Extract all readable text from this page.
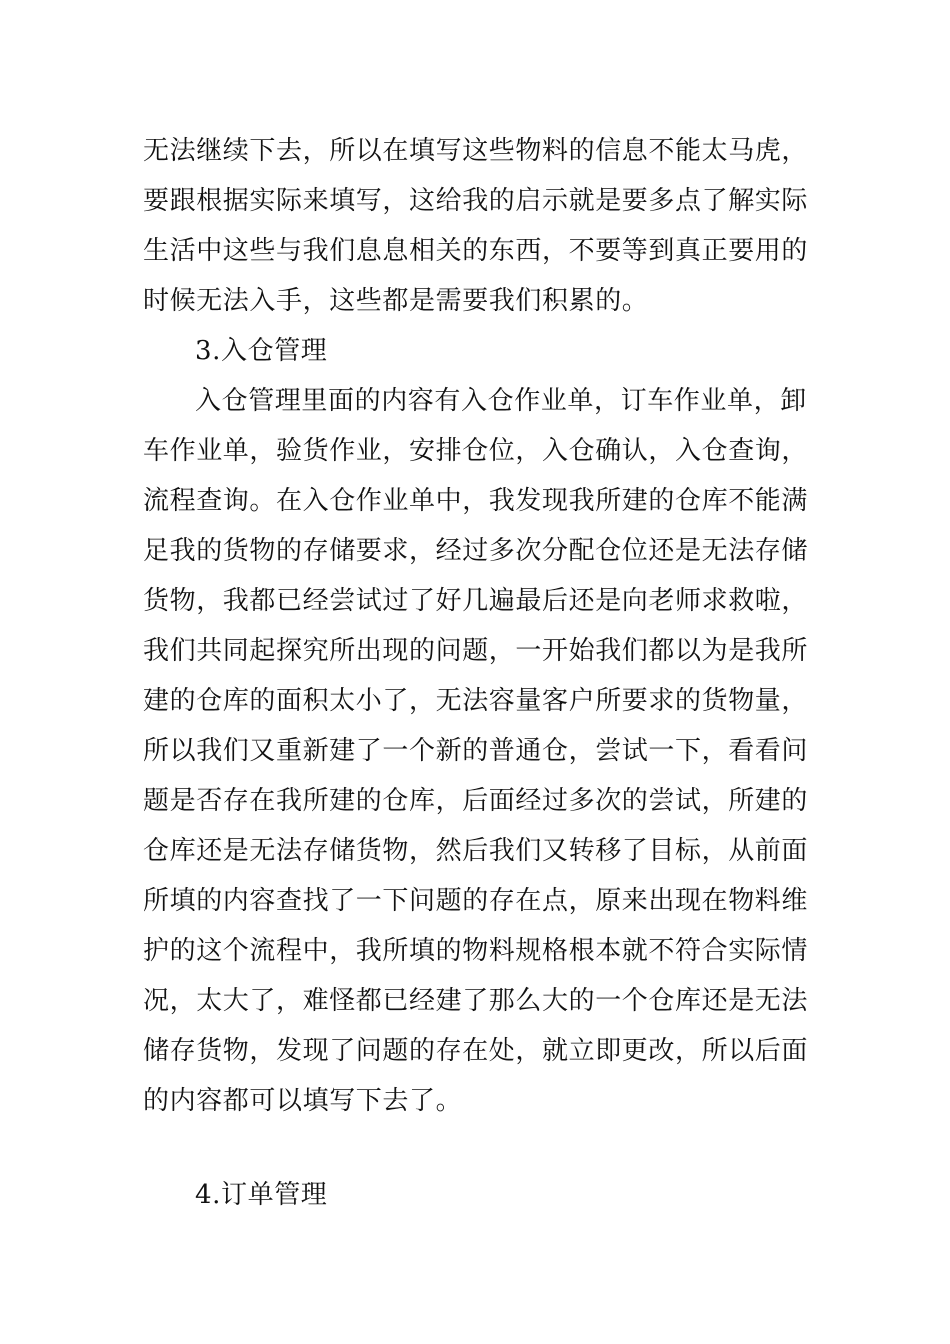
无法继续下去，所以在填写这些物料的信息不能太马虎，
要跟根据实际来填写，这给我的启示就是要多点了解实际
生活中这些与我们息息相关的东西，不要等到真正要用的
时候无法入手，这些都是需要我们积累的。
3.入仓管理
入仓管理里面的内容有入仓作业单，订车作业单，卸
车作业单，验货作业，安排仓位，入仓确认，入仓查询，
流程查询。在入仓作业单中，我发现我所建的仓库不能满
足我的货物的存储要求，经过多次分配仓位还是无法存储
货物，我都已经尝试过了好几遍最后还是向老师求救啦，
我们共同起探究所出现的问题，一开始我们都以为是我所
建的仓库的面积太小了，无法容量客户所要求的货物量，
所以我们又重新建了一个新的普通仓，尝试一下，看看问
题是否存在我所建的仓库，后面经过多次的尝试，所建的
仓库还是无法存储货物，然后我们又转移了目标，从前面
所填的内容查找了一下问题的存在点，原来出现在物料维
护的这个流程中，我所填的物料规格根本就不符合实际情
况，太大了，难怪都已经建了那么大的一个仓库还是无法
储存货物，发现了问题的存在处，就立即更改，所以后面
的内容都可以填写下去了。
4.订单管理
